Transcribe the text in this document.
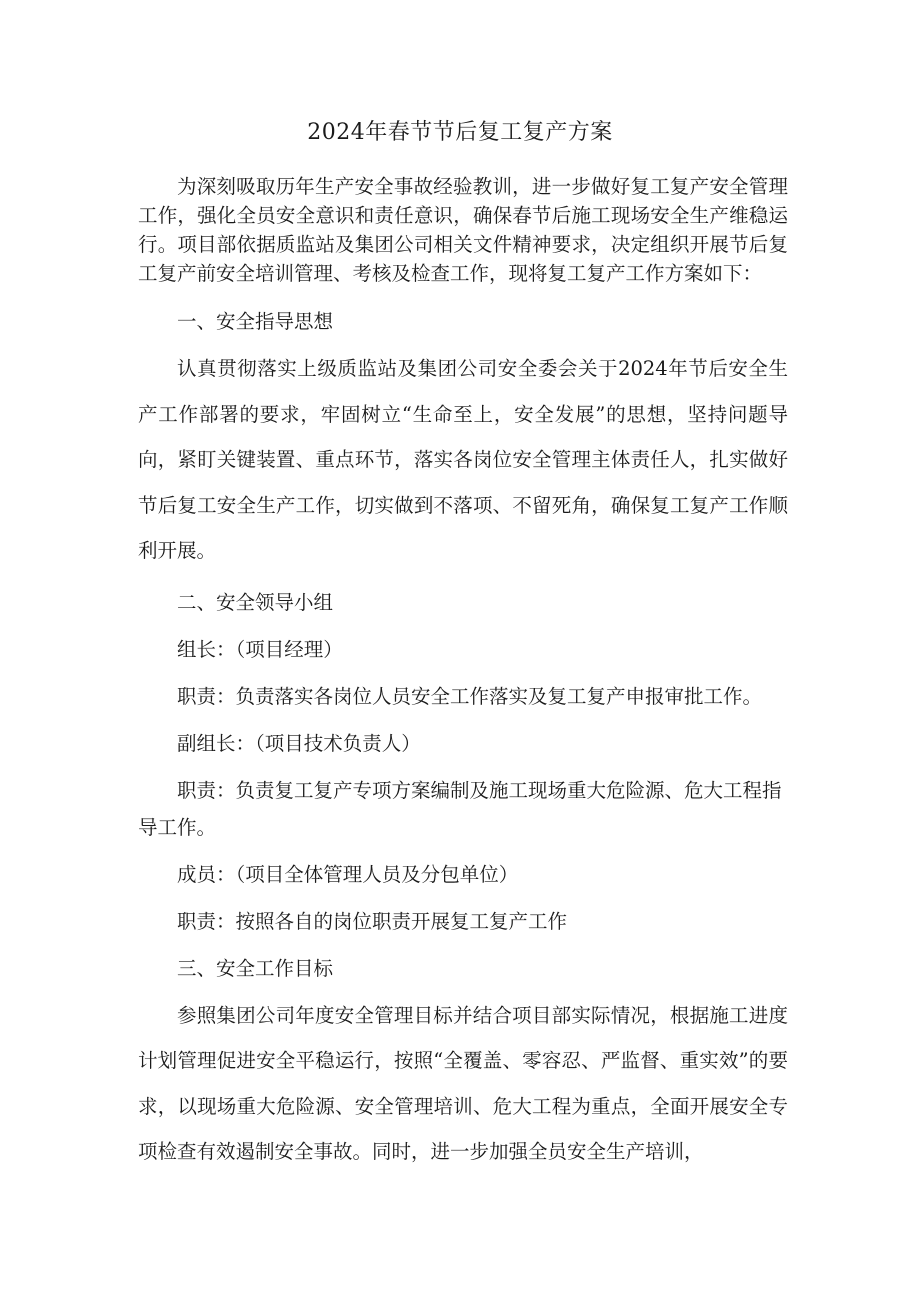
2024年春节节后复工复产方案

为深刻吸取历年生产安全事故经验教训，进一步做好复工复产安全管理工作，强化全员安全意识和责任意识，确保春节后施工现场安全生产维稳运行。项目部依据质监站及集团公司相关文件精神要求，决定组织开展节后复工复产前安全培训管理、考核及检查工作，现将复工复产工作方案如下：

一、安全指导思想

认真贯彻落实上级质监站及集团公司安全委会关于2024年节后安全生产工作部署的要求，牢固树立“生命至上，安全发展”的思想，坚持问题导向，紧盯关键装置、重点环节，落实各岗位安全管理主体责任人，扎实做好节后复工安全生产工作，切实做到不落项、不留死角，确保复工复产工作顺利开展。

二、安全领导小组

组长：（项目经理）

职责：负责落实各岗位人员安全工作落实及复工复产申报审批工作。

副组长：（项目技术负责人）

职责：负责复工复产专项方案编制及施工现场重大危险源、危大工程指导工作。

成员：（项目全体管理人员及分包单位）

职责：按照各自的岗位职责开展复工复产工作

三、安全工作目标

参照集团公司年度安全管理目标并结合项目部实际情况，根据施工进度计划管理促进安全平稳运行，按照“全覆盖、零容忍、严监督、重实效”的要求，以现场重大危险源、安全管理培训、危大工程为重点，全面开展安全专项检查有效遏制安全事故。同时，进一步加强全员安全生产培训，
